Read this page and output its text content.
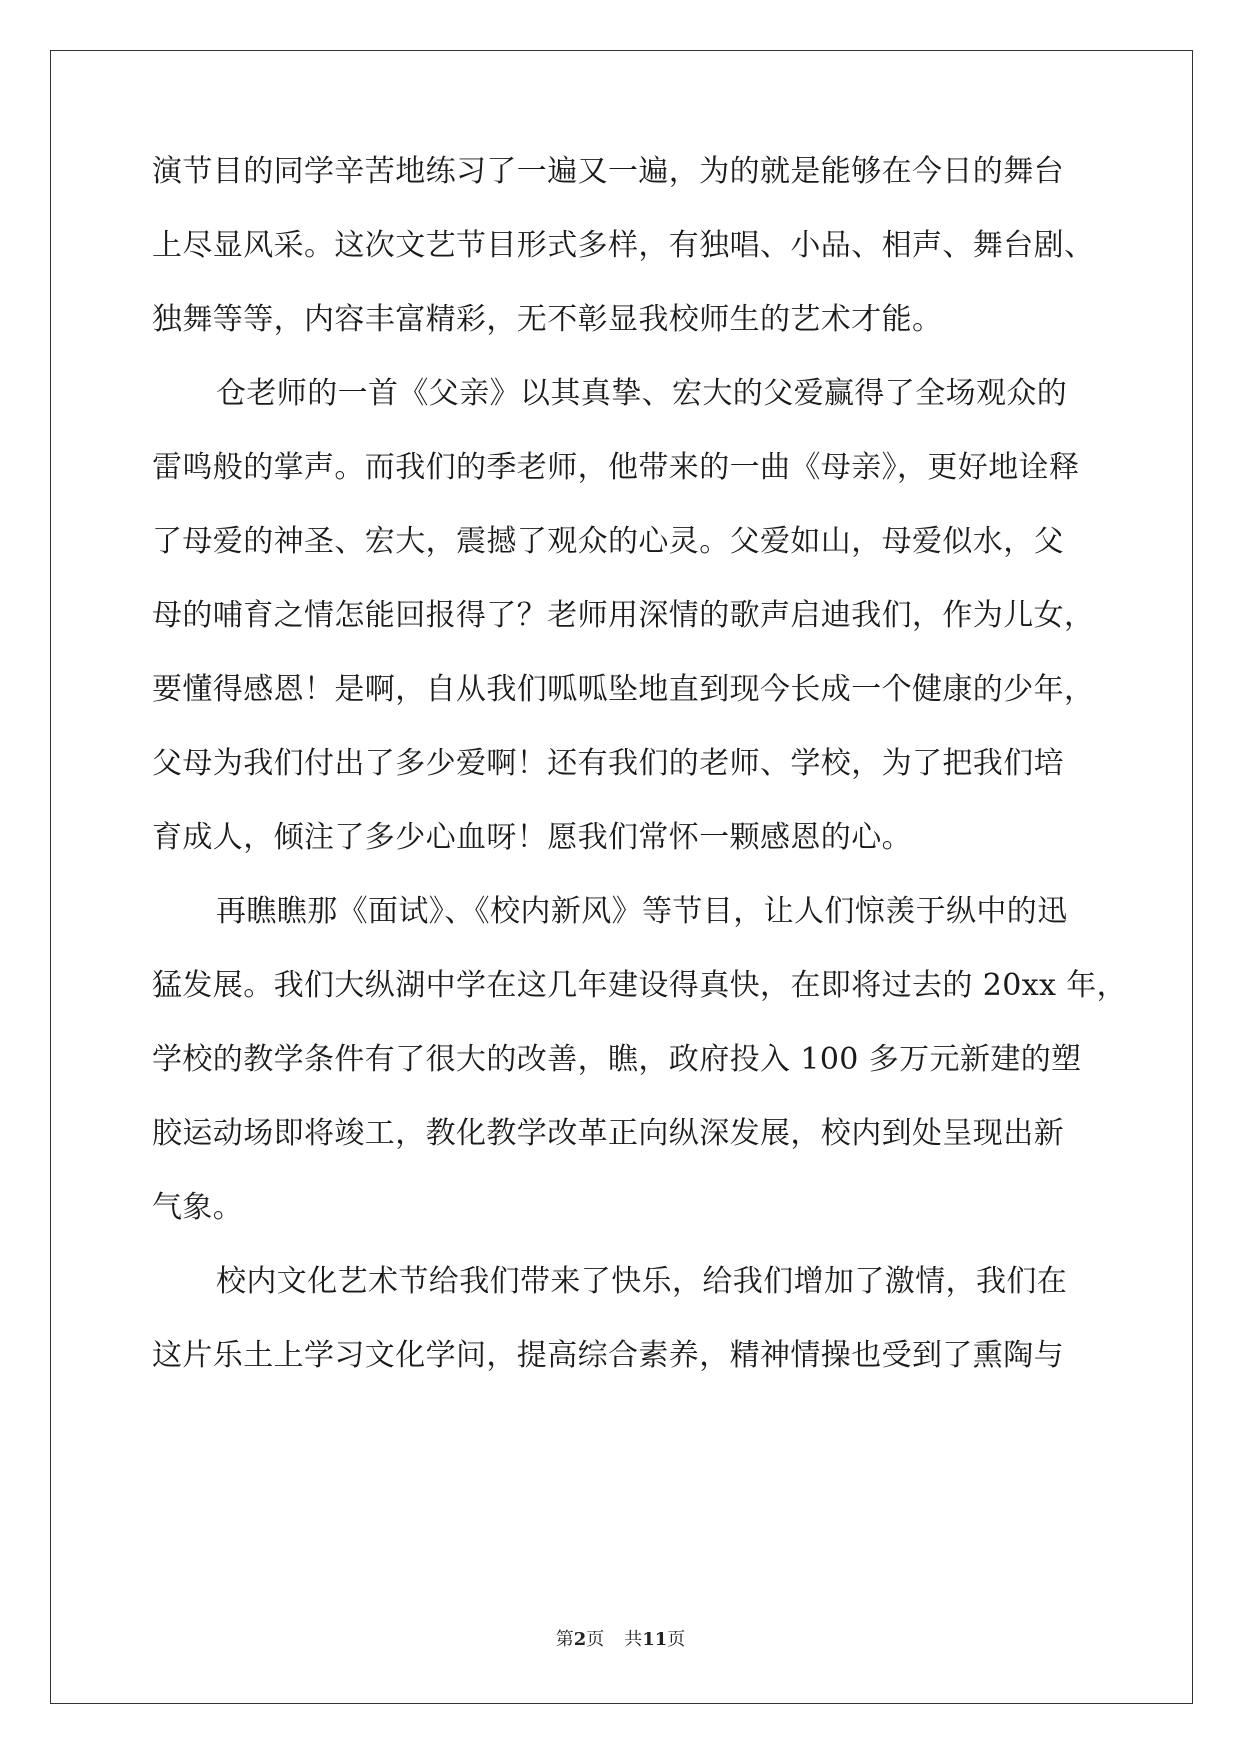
演节目的同学辛苦地练习了一遍又一遍，为的就是能够在今日的舞台
上尽显风采。这次文艺节目形式多样，有独唱、小品、相声、舞台剧、
独舞等等，内容丰富精彩，无不彰显我校师生的艺术才能。
仓老师的一首《父亲》以其真挚、宏大的父爱赢得了全场观众的
雷鸣般的掌声。而我们的季老师，他带来的一曲《母亲》，更好地诠释
了母爱的神圣、宏大，震撼了观众的心灵。父爱如山，母爱似水，父
母的哺育之情怎能回报得了？老师用深情的歌声启迪我们，作为儿女，
要懂得感恩！是啊，自从我们呱呱坠地直到现今长成一个健康的少年，
父母为我们付出了多少爱啊！还有我们的老师、学校，为了把我们培
育成人，倾注了多少心血呀！愿我们常怀一颗感恩的心。
再瞧瞧那《面试》、《校内新风》等节目，让人们惊羡于纵中的迅
猛发展。我们大纵湖中学在这几年建设得真快，在即将过去的 20xx 年，
学校的教学条件有了很大的改善，瞧，政府投入 100 多万元新建的塑
胶运动场即将竣工，教化教学改革正向纵深发展，校内到处呈现出新
气象。
校内文化艺术节给我们带来了快乐，给我们增加了激情，我们在
这片乐土上学习文化学问，提高综合素养，精神情操也受到了熏陶与
第2页 共11页
